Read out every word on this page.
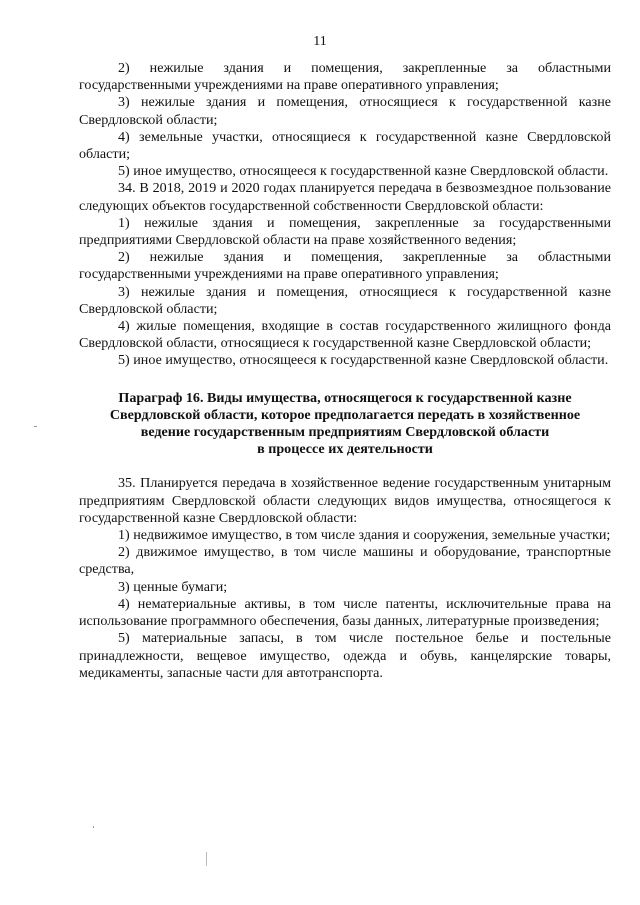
11

2) нежилые здания и помещения, закрепленные за областными государственными учреждениями на праве оперативного управления;

3) нежилые здания и помещения, относящиеся к государственной казне Свердловской области;

4) земельные участки, относящиеся к государственной казне Свердловской области;

5) иное имущество, относящееся к государственной казне Свердловской области.

34. В 2018, 2019 и 2020 годах планируется передача в безвозмездное пользование следующих объектов государственной собственности Свердловской области:

1) нежилые здания и помещения, закрепленные за государственными предприятиями Свердловской области на праве хозяйственного ведения;

2) нежилые здания и помещения, закрепленные за областными государственными учреждениями на праве оперативного управления;

3) нежилые здания и помещения, относящиеся к государственной казне Свердловской области;

4) жилые помещения, входящие в состав государственного жилищного фонда Свердловской области, относящиеся к государственной казне Свердловской области;

5) иное имущество, относящееся к государственной казне Свердловской области.

Параграф 16. Виды имущества, относящегося к государственной казне
Свердловской области, которое предполагается передать в хозяйственное
ведение государственным предприятиям Свердловской области
в процессе их деятельности

35. Планируется передача в хозяйственное ведение государственным унитарным предприятиям Свердловской области следующих видов имущества, относящегося к государственной казне Свердловской области:

1) недвижимое имущество, в том числе здания и сооружения, земельные участки;

2) движимое имущество, в том числе машины и оборудование, транспортные средства,

3) ценные бумаги;

4) нематериальные активы, в том числе патенты, исключительные права на использование программного обеспечения, базы данных, литературные произведения;

5) материальные запасы, в том числе постельное белье и постельные принадлежности, вещевое имущество, одежда и обувь, канцелярские товары, медикаменты, запасные части для автотранспорта.
